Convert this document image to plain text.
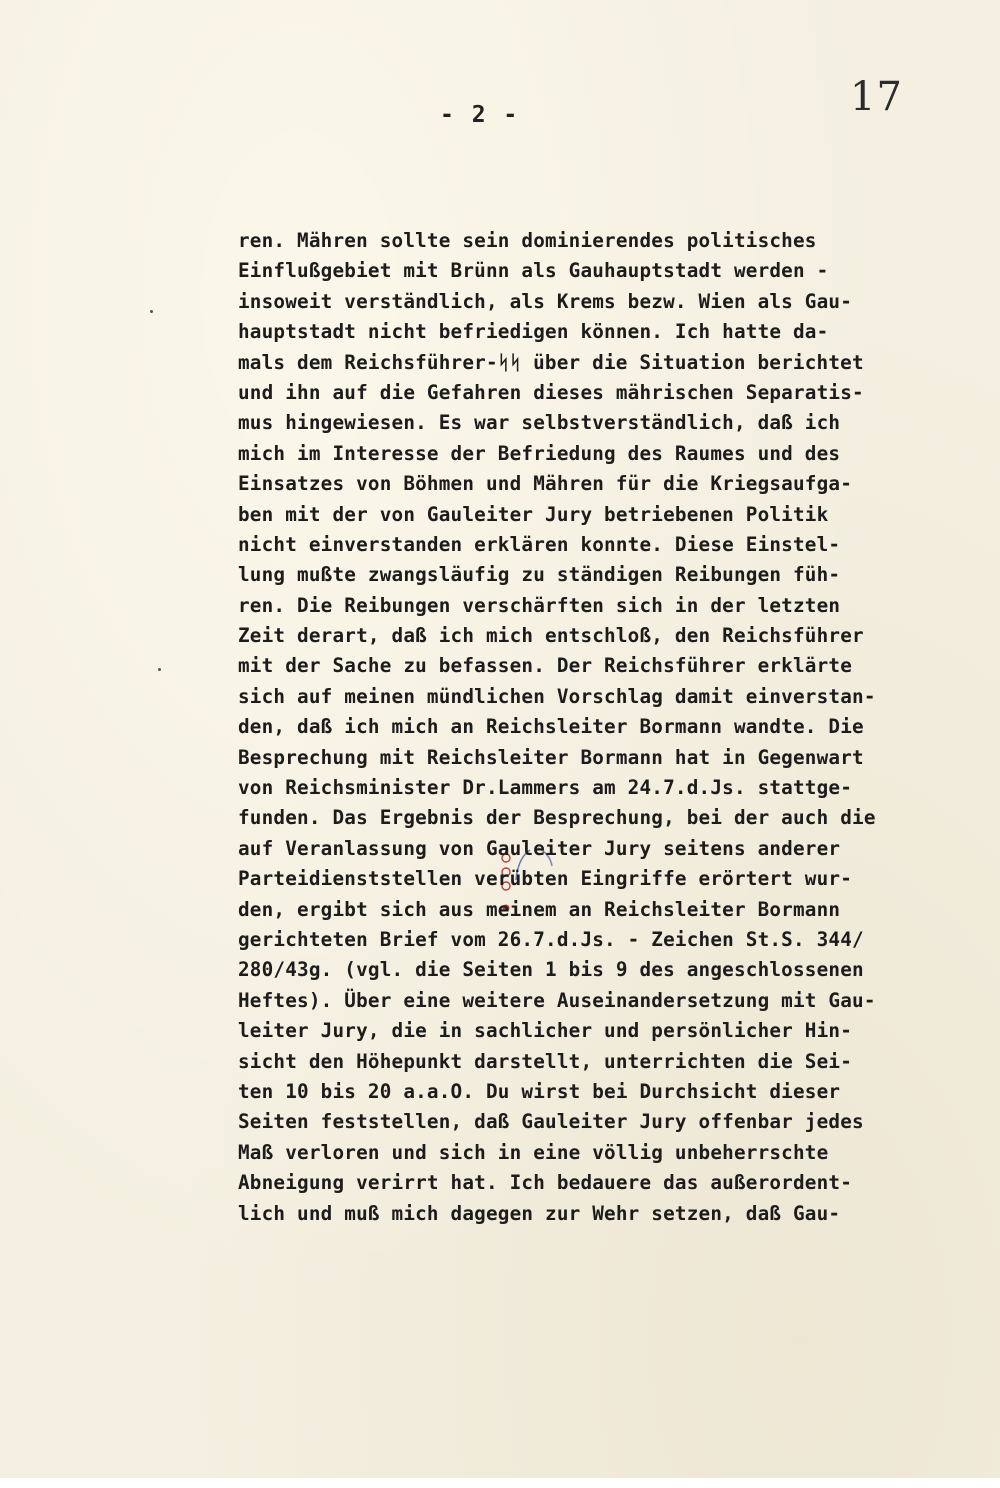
17
- 2 -
ren. Mähren sollte sein dominierendes politisches
Einflußgebiet mit Brünn als Gauhauptstadt werden -
insoweit verständlich, als Krems bezw. Wien als Gau-
hauptstadt nicht befriedigen können. Ich hatte da-
mals dem Reichsführer-ᛋᛋ über die Situation berichtet
und ihn auf die Gefahren dieses mährischen Separatis-
mus hingewiesen. Es war selbstverständlich, daß ich
mich im Interesse der Befriedung des Raumes und des
Einsatzes von Böhmen und Mähren für die Kriegsaufga-
ben mit der von Gauleiter Jury betriebenen Politik
nicht einverstanden erklären konnte. Diese Einstel-
lung mußte zwangsläufig zu ständigen Reibungen füh-
ren. Die Reibungen verschärften sich in der letzten
Zeit derart, daß ich mich entschloß, den Reichsführer
mit der Sache zu befassen. Der Reichsführer erklärte
sich auf meinen mündlichen Vorschlag damit einverstan-
den, daß ich mich an Reichsleiter Bormann wandte. Die
Besprechung mit Reichsleiter Bormann hat in Gegenwart
von Reichsminister Dr.Lammers am 24.7.d.Js. stattge-
funden. Das Ergebnis der Besprechung, bei der auch die
auf Veranlassung von Gauleiter Jury seitens anderer
Parteidienststellen verübten Eingriffe erörtert wur-
den, ergibt sich aus meinem an Reichsleiter Bormann
gerichteten Brief vom 26.7.d.Js. - Zeichen St.S. 344/
280/43g. (vgl. die Seiten 1 bis 9 des angeschlossenen
Heftes). Über eine weitere Auseinandersetzung mit Gau-
leiter Jury, die in sachlicher und persönlicher Hin-
sicht den Höhepunkt darstellt, unterrichten die Sei-
ten 10 bis 20 a.a.O. Du wirst bei Durchsicht dieser
Seiten feststellen, daß Gauleiter Jury offenbar jedes
Maß verloren und sich in eine völlig unbeherrschte
Abneigung verirrt hat. Ich bedauere das außerordent-
lich und muß mich dagegen zur Wehr setzen, daß Gau-
